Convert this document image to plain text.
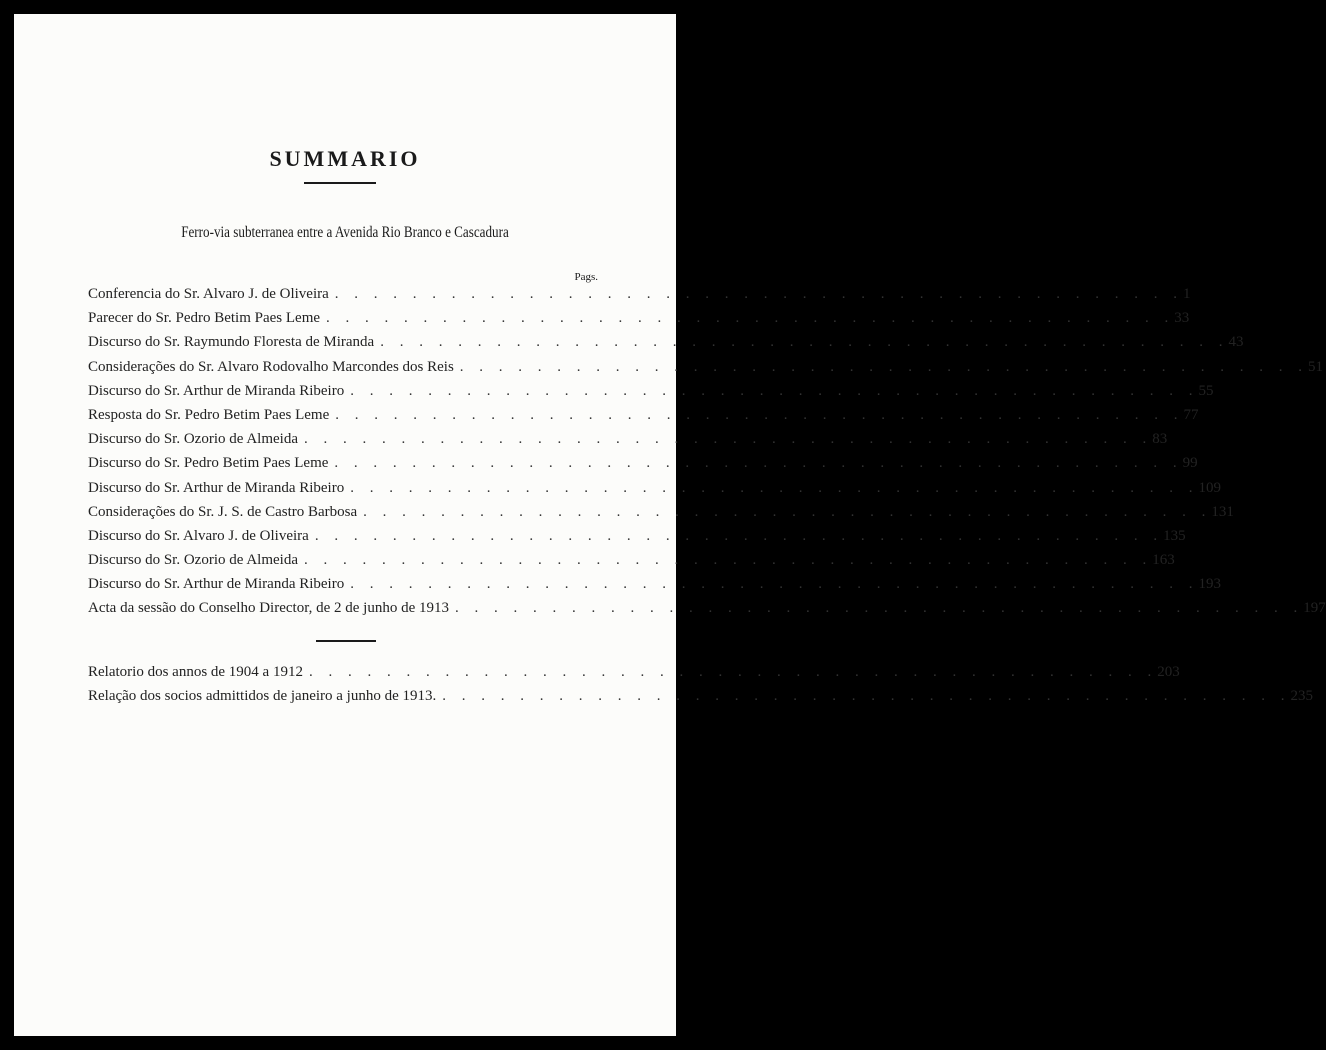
SUMMARIO
Ferro-via subterranea entre a Avenida Rio Branco e Cascadura
Pags.
Conferencia do Sr. Alvaro J. de Oliveira . . . . . . . . . . . . . . . . . . . . . . . . . . . . . . . . . . . . . . . . . . . . 1
Parecer do Sr. Pedro Betim Paes Leme . . . . . . . . . . . . . . . . . . . . . . . . . . . . . . . . . . . . . . . . . . . . 33
Discurso do Sr. Raymundo Floresta de Miranda . . . . . . . . . . . . . . . . . . . . . . . . . . . . . . . . . . . . . . . . . . . . 43
Considerações do Sr. Alvaro Rodovalho Marcondes dos Reis . . . . . . . . . . . . . . . . . . . . . . . . . . . . . . . . . . . . . . . . . . . . 51
Discurso do Sr. Arthur de Miranda Ribeiro . . . . . . . . . . . . . . . . . . . . . . . . . . . . . . . . . . . . . . . . . . . . 55
Resposta do Sr. Pedro Betim Paes Leme . . . . . . . . . . . . . . . . . . . . . . . . . . . . . . . . . . . . . . . . . . . . 77
Discurso do Sr. Ozorio de Almeida . . . . . . . . . . . . . . . . . . . . . . . . . . . . . . . . . . . . . . . . . . . . 83
Discurso do Sr. Pedro Betim Paes Leme . . . . . . . . . . . . . . . . . . . . . . . . . . . . . . . . . . . . . . . . . . . . 99
Discurso do Sr. Arthur de Miranda Ribeiro . . . . . . . . . . . . . . . . . . . . . . . . . . . . . . . . . . . . . . . . . . . . 109
Considerações do Sr. J. S. de Castro Barbosa . . . . . . . . . . . . . . . . . . . . . . . . . . . . . . . . . . . . . . . . . . . . 131
Discurso do Sr. Alvaro J. de Oliveira . . . . . . . . . . . . . . . . . . . . . . . . . . . . . . . . . . . . . . . . . . . . 135
Discurso do Sr. Ozorio de Almeida . . . . . . . . . . . . . . . . . . . . . . . . . . . . . . . . . . . . . . . . . . . . 163
Discurso do Sr. Arthur de Miranda Ribeiro . . . . . . . . . . . . . . . . . . . . . . . . . . . . . . . . . . . . . . . . . . . . 193
Acta da sessão do Conselho Director, de 2 de junho de 1913 . . . . . . . . . . . . . . . . . . . . . . . . . . . . . . . . . . . . . . . . . . . . 197
Relatorio dos annos de 1904 a 1912 . . . . . . . . . . . . . . . . . . . . . . . . . . . . . . . . . . . . . . . . . . . . 203
Relação dos socios admittidos de janeiro a junho de 1913. . . . . . . . . . . . . . . . . . . . . . . . . . . . . . . . . . . . . . . . . . . . . 235
